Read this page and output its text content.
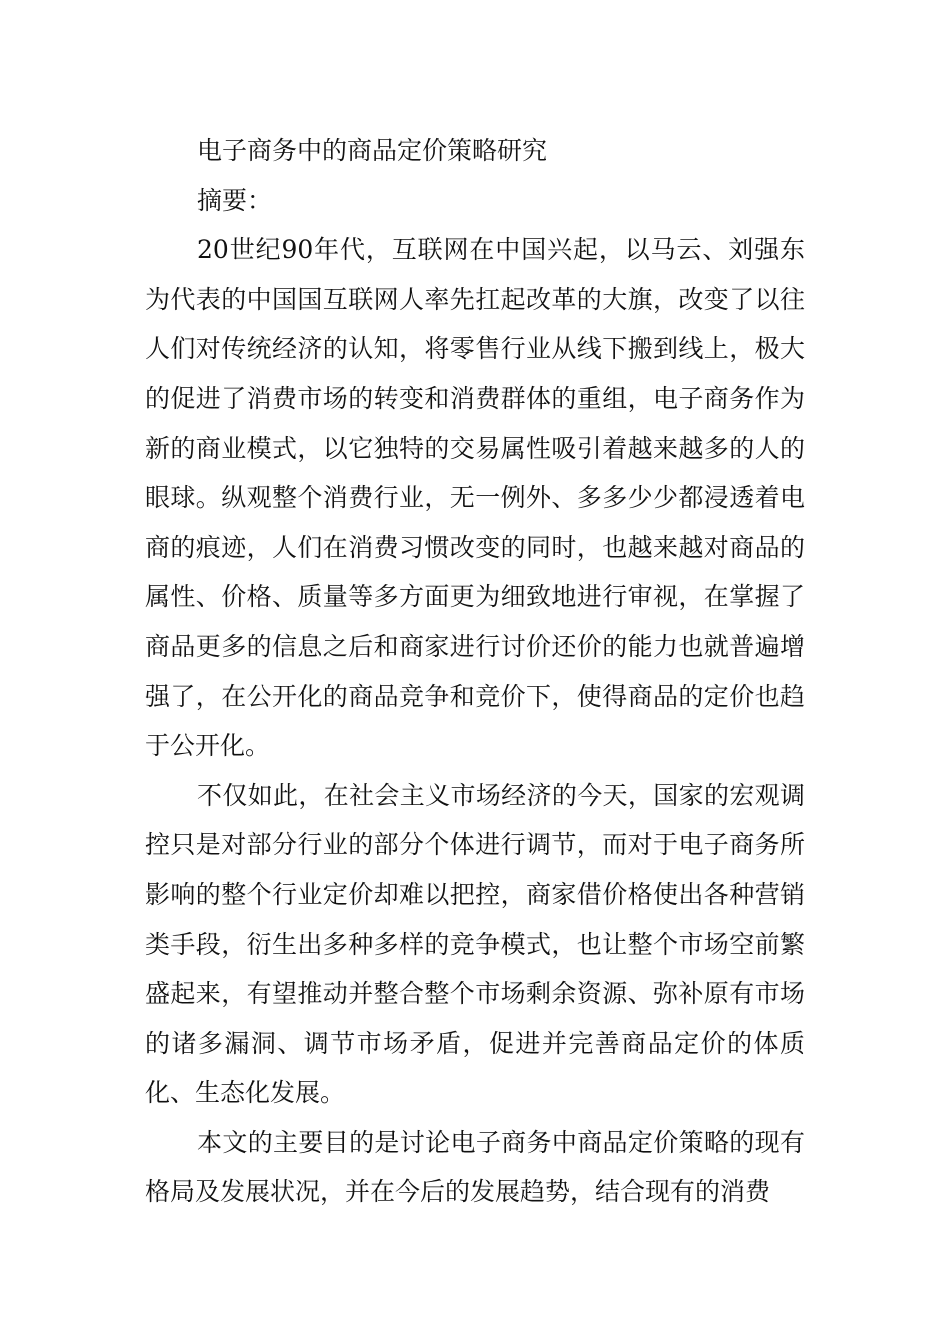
电子商务中的商品定价策略研究

摘要：

20世纪90年代，互联网在中国兴起，以马云、刘强东为代表的中国国互联网人率先扛起改革的大旗，改变了以往人们对传统经济的认知，将零售行业从线下搬到线上，极大的促进了消费市场的转变和消费群体的重组，电子商务作为新的商业模式，以它独特的交易属性吸引着越来越多的人的眼球。纵观整个消费行业，无一例外、多多少少都浸透着电商的痕迹，人们在消费习惯改变的同时，也越来越对商品的属性、价格、质量等多方面更为细致地进行审视，在掌握了商品更多的信息之后和商家进行讨价还价的能力也就普遍增强了，在公开化的商品竞争和竞价下，使得商品的定价也趋于公开化。

不仅如此，在社会主义市场经济的今天，国家的宏观调控只是对部分行业的部分个体进行调节，而对于电子商务所影响的整个行业定价却难以把控，商家借价格使出各种营销类手段，衍生出多种多样的竞争模式，也让整个市场空前繁盛起来，有望推动并整合整个市场剩余资源、弥补原有市场的诸多漏洞、调节市场矛盾，促进并完善商品定价的体质化、生态化发展。

本文的主要目的是讨论电子商务中商品定价策略的现有格局及发展状况，并在今后的发展趋势，结合现有的消费
